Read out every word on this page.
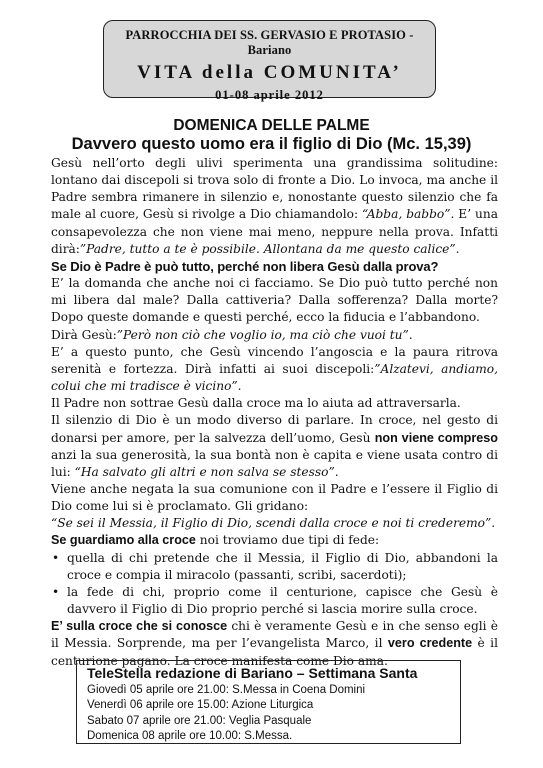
PARROCCHIA DEI SS. GERVASIO E PROTASIO - Bariano
VITA della COMUNITA’
01-08 aprile 2012
DOMENICA DELLE PALME
Davvero questo uomo era il figlio di Dio (Mc. 15,39)

Gesù nell’orto degli ulivi sperimenta una grandissima solitudine: lontano dai discepoli si trova solo di fronte a Dio. Lo invoca, ma anche il Padre sembra rimanere in silenzio e, nonostante questo silenzio che fa male al cuore, Gesù si rivolge a Dio chiamandolo: “Abba, babbo”. E’ una consapevolezza che non viene mai meno, neppure nella prova. Infatti dirà:”Padre, tutto a te è possibile. Allontana da me questo calice”.

Se Dio è Padre è può tutto, perché non libera Gesù dalla prova?

E’ la domanda che anche noi ci facciamo. Se Dio può tutto perché non mi libera dal male? Dalla cattiveria? Dalla sofferenza? Dalla morte? Dopo queste domande e questi perché, ecco la fiducia e l’abbandono.

Dirà Gesù:”Però non ciò che voglio io, ma ciò che vuoi tu”.

E’ a questo punto, che Gesù vincendo l’angoscia e la paura ritrova serenità e fortezza. Dirà infatti ai suoi discepoli:”Alzatevi, andiamo, colui che mi tradisce è vicino”.

Il Padre non sottrae Gesù dalla croce ma lo aiuta ad attraversarla.

Il silenzio di Dio è un modo diverso di parlare. In croce, nel gesto di donarsi per amore, per la salvezza dell’uomo, Gesù non viene compreso anzi la sua generosità, la sua bontà non è capita e viene usata contro di lui: “Ha salvato gli altri e non salva se stesso”.

Viene anche negata la sua comunione con il Padre e l’essere il Figlio di Dio come lui si è proclamato. Gli gridano:
“Se sei il Messia, il Figlio di Dio, scendi dalla croce e noi ti crederemo”.

Se guardiamo alla croce noi troviamo due tipi di fede:

• quella di chi pretende che il Messia, il Figlio di Dio, abbandoni la croce e compia il miracolo (passanti, scribi, sacerdoti);
• la fede di chi, proprio come il centurione, capisce che Gesù è davvero il Figlio di Dio proprio perché si lascia morire sulla croce.

E’ sulla croce che si conosce chi è veramente Gesù e in che senso egli è il Messia. Sorprende, ma per l’evangelista Marco, il vero credente è il centurione pagano. La croce manifesta come Dio ama.

TeleStella redazione di Bariano – Settimana Santa
Giovedì 05 aprile ore 21.00: S.Messa in Coena Domini
Venerdì 06 aprile ore 15.00: Azione Liturgica
Sabato 07 aprile ore 21.00: Veglia Pasquale
Domenica 08 aprile ore 10.00: S.Messa.
